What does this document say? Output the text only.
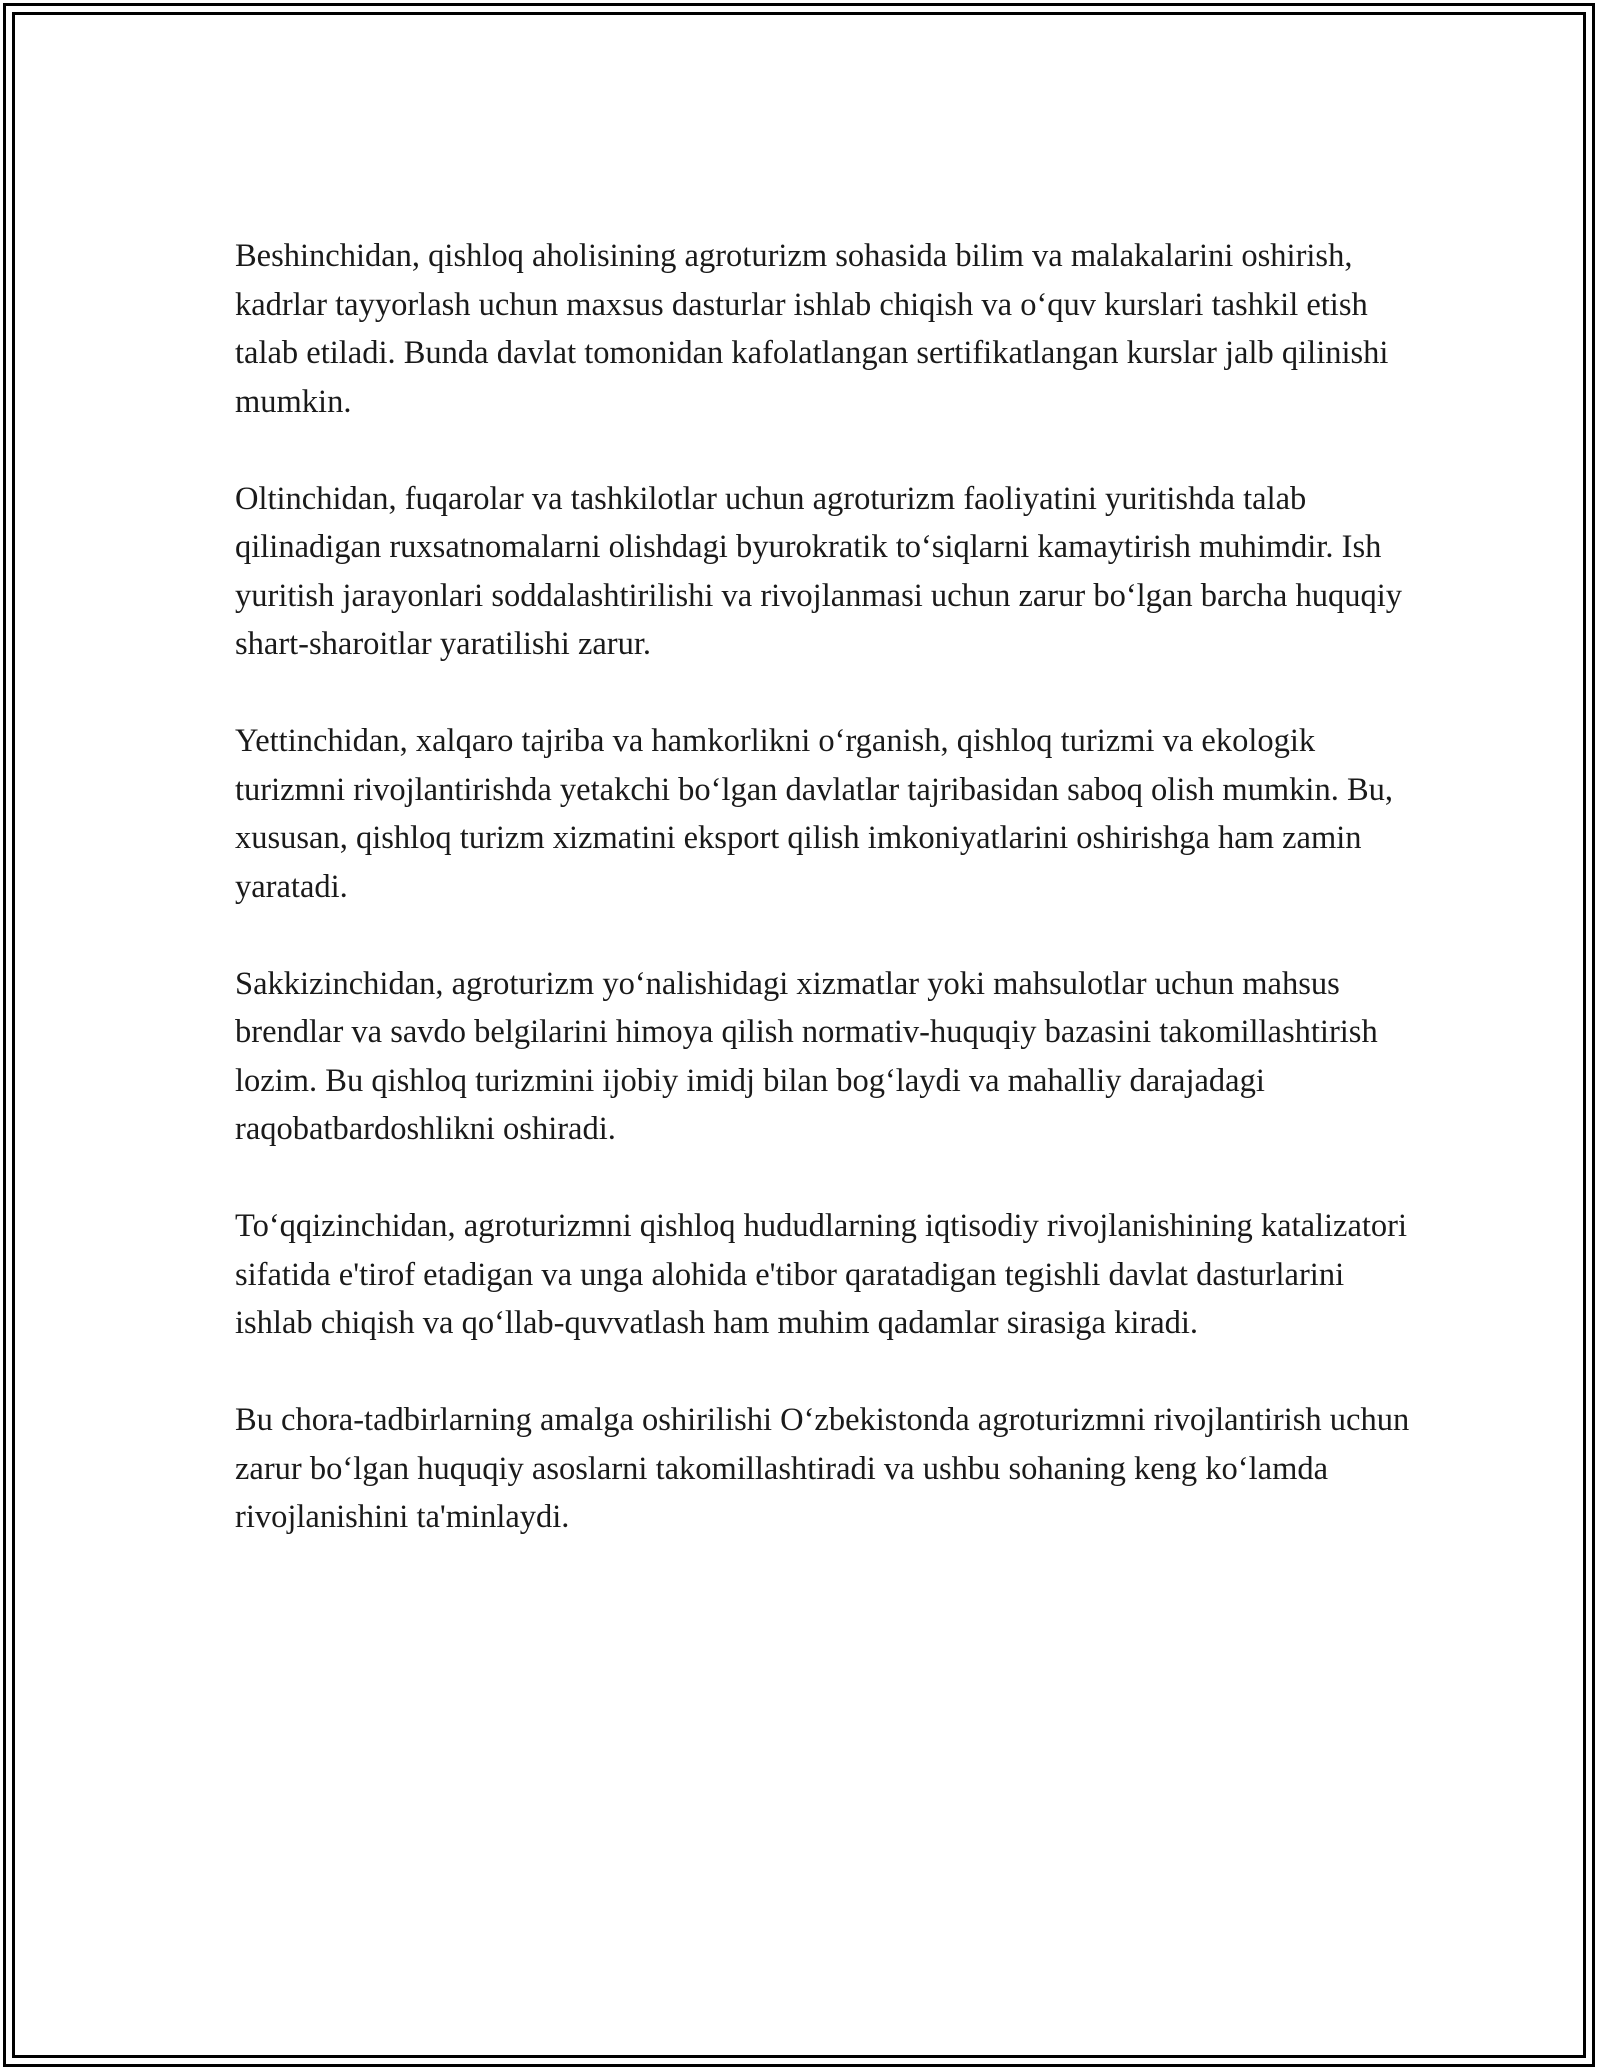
Beshinchidan, qishloq aholisining agroturizm sohasida bilim va malakalarini oshirish, kadrlar tayyorlash uchun maxsus dasturlar ishlab chiqish va o‘quv kurslari tashkil etish talab etiladi. Bunda davlat tomonidan kafolatlangan sertifikatlangan kurslar jalb qilinishi mumkin.

Oltinchidan, fuqarolar va tashkilotlar uchun agroturizm faoliyatini yuritishda talab qilinadigan ruxsatnomalarni olishdagi byurokratik to‘siqlarni kamaytirish muhimdir. Ish yuritish jarayonlari soddalashtirilishi va rivojlanmasi uchun zarur bo‘lgan barcha huquqiy shart-sharoitlar yaratilishi zarur.

Yettinchidan, xalqaro tajriba va hamkorlikni o‘rganish, qishloq turizmi va ekologik turizmni rivojlantirishda yetakchi bo‘lgan davlatlar tajribasidan saboq olish mumkin. Bu, xususan, qishloq turizm xizmatini eksport qilish imkoniyatlarini oshirishga ham zamin yaratadi.

Sakkizinchidan, agroturizm yo‘nalishidagi xizmatlar yoki mahsulotlar uchun mahsus brendlar va savdo belgilarini himoya qilish normativ-huquqiy bazasini takomillashtirish lozim. Bu qishloq turizmini ijobiy imidj bilan bog‘laydi va mahalliy darajadagi raqobatbardoshlikni oshiradi.

To‘qqizinchidan, agroturizmni qishloq hududlarning iqtisodiy rivojlanishining katalizatori sifatida e'tirof etadigan va unga alohida e'tibor qaratadigan tegishli davlat dasturlarini ishlab chiqish va qo‘llab-quvvatlash ham muhim qadamlar sirasiga kiradi.

Bu chora-tadbirlarning amalga oshirilishi O‘zbekistonda agroturizmni rivojlantirish uchun zarur bo‘lgan huquqiy asoslarni takomillashtiradi va ushbu sohaning keng ko‘lamda rivojlanishini ta'minlaydi.
